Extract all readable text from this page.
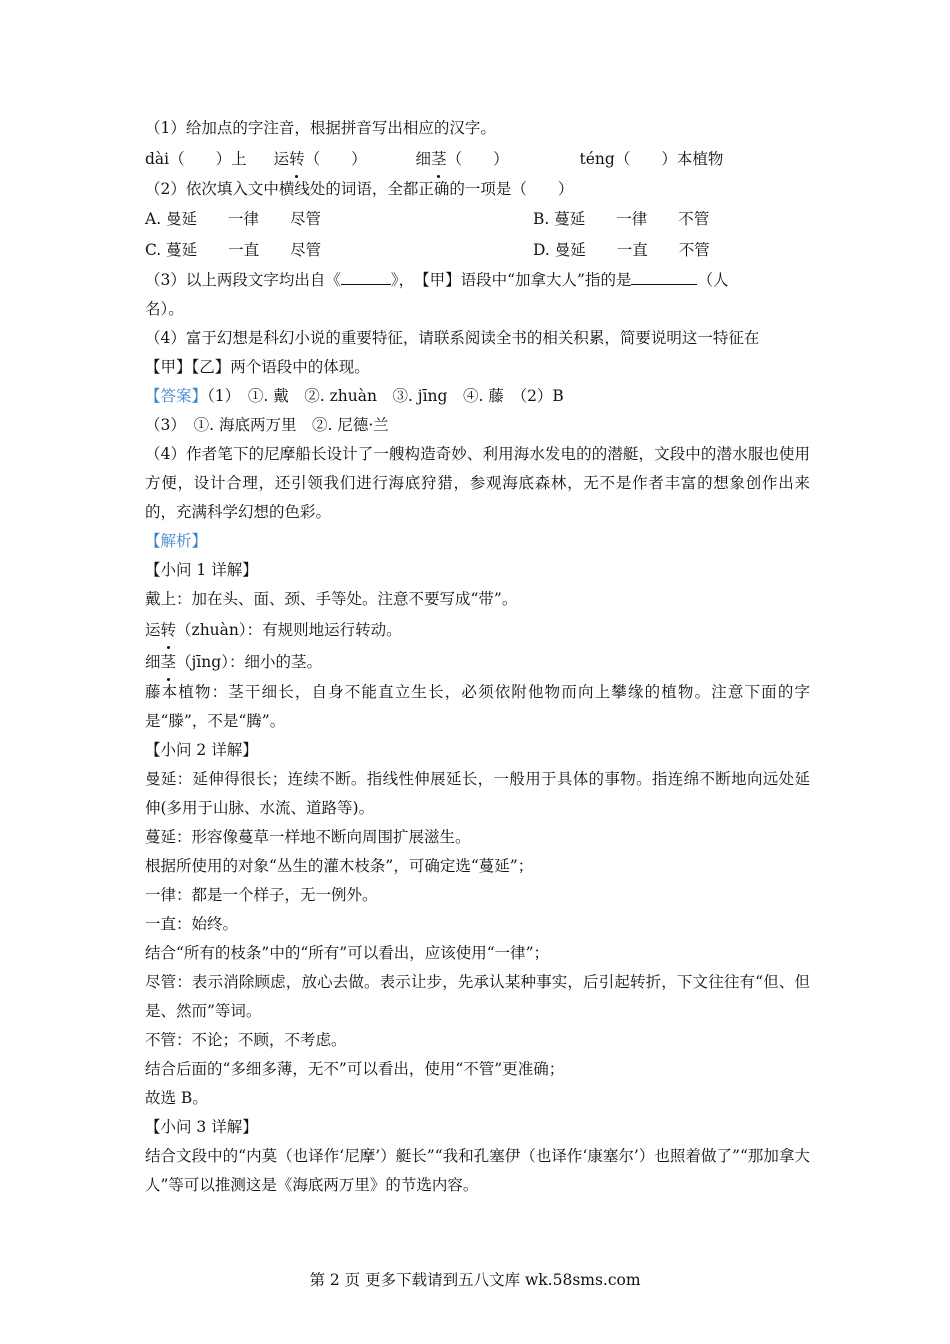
（1）给加点的字注音，根据拼音写出相应的汉字。
dài（　　）上 运转（　　）	细茎（　　）	téng（　　）本植物
（2）依次填入文中横线处的词语，全都正确的一项是（　　）
A. 曼延　　一律　　尽管	B. 蔓延　　一律　　不管
C. 蔓延　　一直　　尽管	D. 曼延　　一直　　不管
（3）以上两段文字均出自《	》，　【甲】语段中“加拿大人”指的是	（人
名）。
（4）富于幻想是科幻小说的重要特征，请联系阅读全书的相关积累，简要说明这一特征在
【甲】【乙】两个语段中的体现。
【答案】（1）　①. 戴　②. zhuàn　③. jīng　④. 藤　（2）B
（3）　①. 海底两万里　②. 尼德·兰
（4）作者笔下的尼摩船长设计了一艘构造奇妙、利用海水发电的的潜艇，文段中的潜水服也使用方便，设计合理，还引领我们进行海底狩猎，参观海底森林，无不是作者丰富的想象创作出来的，充满科学幻想的色彩。
【解析】
【小问 1 详解】
戴上：加在头、面、颈、手等处。注意不要写成“带”。
运转（zhuàn）：有规则地运行转动。
细茎（jīng）：细小的茎。
藤本植物：茎干细长，自身不能直立生长，必须依附他物而向上攀缘的植物。注意下面的字是“滕”，不是“腾”。
【小问 2 详解】
曼延：延伸得很长；连续不断。指线性伸展延长，一般用于具体的事物。指连绵不断地向远处延伸(多用于山脉、水流、道路等)。
蔓延：形容像蔓草一样地不断向周围扩展滋生。
根据所使用的对象“丛生的灌木枝条”，可确定选“蔓延”；
一律：都是一个样子，无一例外。
一直：始终。
结合“所有的枝条”中的“所有”可以看出，应该使用“一律”；
尽管：表示消除顾虑，放心去做。表示让步，先承认某种事实，后引起转折，下文往往有“但、但是、然而”等词。
不管：不论；不顾，不考虑。
结合后面的“多细多薄，无不”可以看出，使用“不管”更准确；
故选 B。
【小问 3 详解】
结合文段中的“内莫（也译作‘尼摩’）艇长”“我和孔塞伊（也译作‘康塞尔’）也照着做了”“那加拿大人”等可以推测这是《海底两万里》的节选内容。
第 2 页 更多下载请到五八文库 wk.58sms.com
